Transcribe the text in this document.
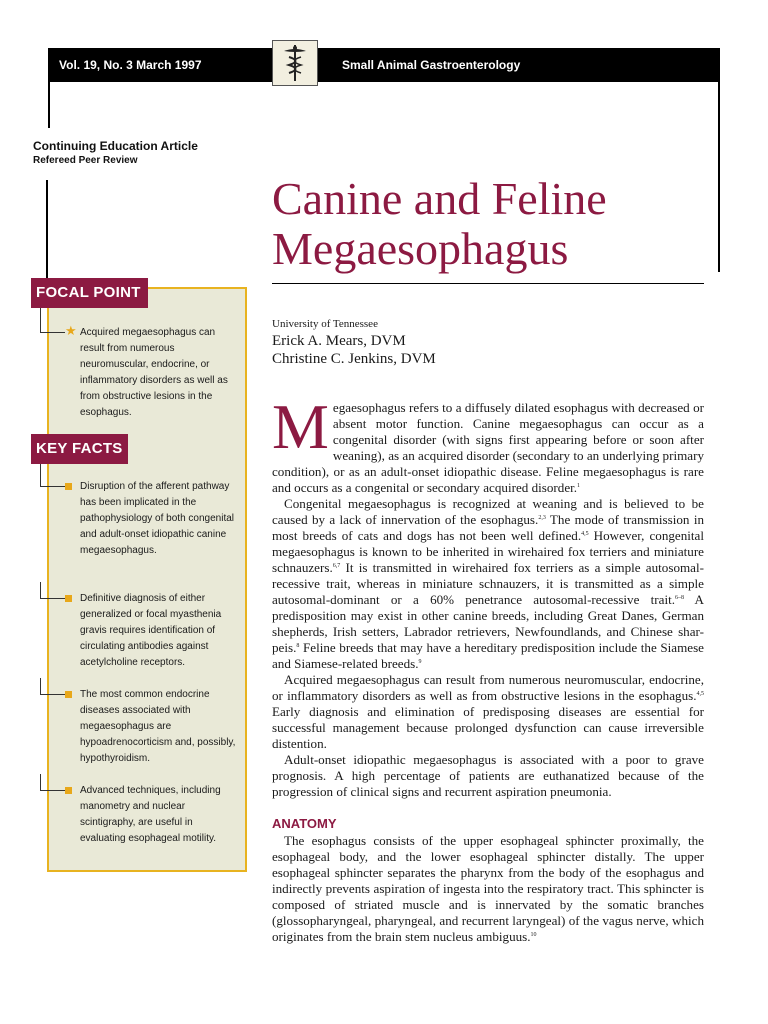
Vol. 19, No. 3 March 1997	Small Animal Gastroenterology
Continuing Education Article
Refereed Peer Review
Canine and Feline
Megaesophagus
University of Tennessee
Erick A. Mears, DVM
Christine C. Jenkins, DVM
FOCAL POINT
★ Acquired megaesophagus can result from numerous neuromuscular, endocrine, or inflammatory disorders as well as from obstructive lesions in the esophagus.
KEY FACTS
Disruption of the afferent pathway has been implicated in the pathophysiology of both congenital and adult-onset idiopathic canine megaesophagus.
Definitive diagnosis of either generalized or focal myasthenia gravis requires identification of circulating antibodies against acetylcholine receptors.
The most common endocrine diseases associated with megaesophagus are hypoadrenocorticism and, possibly, hypothyroidism.
Advanced techniques, including manometry and nuclear scintigraphy, are useful in evaluating esophageal motility.

Megaesophagus refers to a diffusely dilated esophagus with decreased or absent motor function. Canine megaesophagus can occur as a congenital disorder (with signs first appearing before or soon after weaning), as an acquired disorder (secondary to an underlying primary condition), or as an adult-onset idiopathic disease. Feline megaesophagus is rare and occurs as a congenital or secondary acquired disorder.$^1$

Congenital megaesophagus is recognized at weaning and is believed to be caused by a lack of innervation of the esophagus.$^{2,3}$ The mode of transmission in most breeds of cats and dogs has not been well defined.$^{4,5}$ However, congenital megaesophagus is known to be inherited in wirehaired fox terriers and miniature schnauzers.$^{6,7}$ It is transmitted in wirehaired fox terriers as a simple autosomal-recessive trait, whereas in miniature schnauzers, it is transmitted as a simple autosomal-dominant or a 60% penetrance autosomal-recessive trait.$^{6-8}$ A predisposition may exist in other canine breeds, including Great Danes, German shepherds, Irish setters, Labrador retrievers, Newfoundlands, and Chinese shar-peis.$^8$ Feline breeds that may have a hereditary predisposition include the Siamese and Siamese-related breeds.$^9$

Acquired megaesophagus can result from numerous neuromuscular, endocrine, or inflammatory disorders as well as from obstructive lesions in the esophagus.$^{4,5}$ Early diagnosis and elimination of predisposing diseases are essential for successful management because prolonged dysfunction can cause irreversible distention.

Adult-onset idiopathic megaesophagus is associated with a poor to grave prognosis. A high percentage of patients are euthanatized because of the progression of clinical signs and recurrent aspiration pneumonia.

ANATOMY

The esophagus consists of the upper esophageal sphincter proximally, the esophageal body, and the lower esophageal sphincter distally. The upper esophageal sphincter separates the pharynx from the body of the esophagus and indirectly prevents aspiration of ingesta into the respiratory tract. This sphincter is composed of striated muscle and is innervated by the somatic branches (glossopharyngeal, pharyngeal, and recurrent laryngeal) of the vagus nerve, which originates from the brain stem nucleus ambiguus.$^{10}$
